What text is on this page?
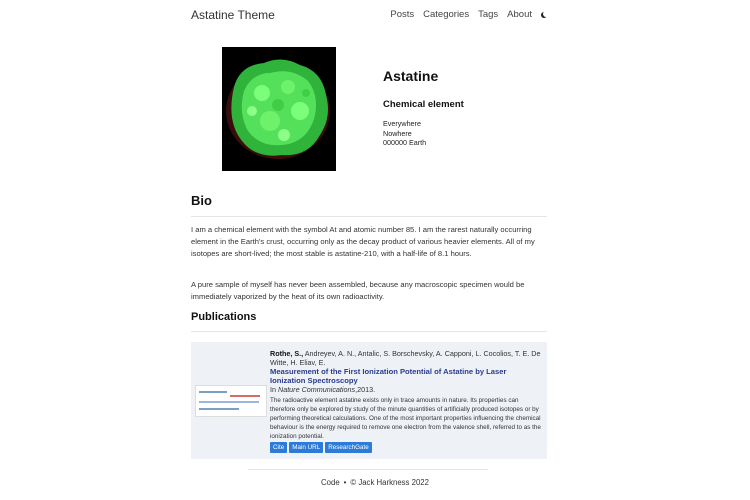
Astatine Theme	Posts Categories Tags About
Astatine
Chemical element
Everywhere
Nowhere
000000 Earth
Bio

I am a chemical element with the symbol At and atomic number 85. I am the rarest naturally occurring element in the Earth's crust, occurring only as the decay product of various heavier elements. All of my isotopes are short-lived; the most stable is astatine-210, with a half-life of 8.1 hours.

A pure sample of myself has never been assembled, because any macroscopic specimen would be immediately vaporized by the heat of its own radioactivity.

Publications

Rothe, S., Andreyev, A. N., Antalic, S. Borschevsky, A. Capponi, L. Cocolios, T. E. De Witte, H. Eliav, E.

Measurement of the First Ionization Potential of Astatine by Laser Ionization Spectroscopy

In Nature Communications,2013.

The radioactive element astatine exists only in trace amounts in nature. Its properties can therefore only be explored by study of the minute quantities of artificially produced isotopes or by performing theoretical calculations. One of the most important properties influencing the chemical behaviour is the energy required to remove one electron from the valence shell, referred to as the ionization potential.

Cite	Main URL	ResearchGate
Code • © Jack Harkness 2022
